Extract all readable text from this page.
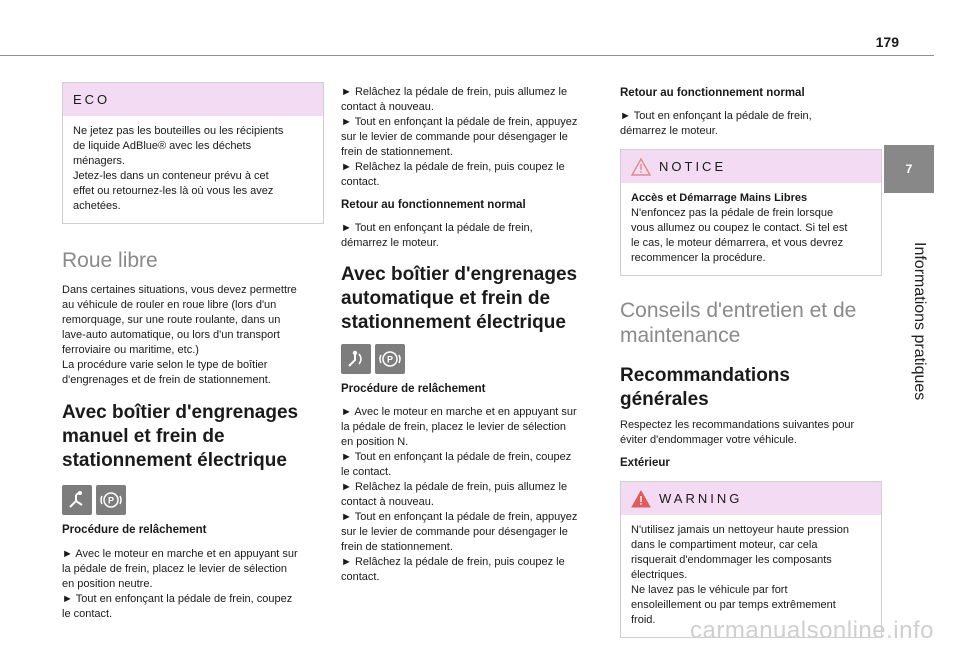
179
7
Informations pratiques
ECO
Ne jetez pas les bouteilles ou les récipients
de liquide AdBlue® avec les déchets
ménagers.
Jetez-les dans un conteneur prévu à cet
effet ou retournez-les là où vous les avez
achetées.
Roue libre
Dans certaines situations, vous devez permettre
au véhicule de rouler en roue libre (lors d'un
remorquage, sur une route roulante, dans un
lave-auto automatique, ou lors d'un transport
ferroviaire ou maritime, etc.)
La procédure varie selon le type de boîtier
d'engrenages et de frein de stationnement.
Avec boîtier d'engrenages
manuel et frein de
stationnement électrique
P
Procédure de relâchement
► Avec le moteur en marche et en appuyant sur
la pédale de frein, placez le levier de sélection
en position neutre.
► Tout en enfonçant la pédale de frein, coupez
le contact.
► Relâchez la pédale de frein, puis allumez le
contact à nouveau.
► Tout en enfonçant la pédale de frein, appuyez
sur le levier de commande pour désengager le
frein de stationnement.
► Relâchez la pédale de frein, puis coupez le
contact.
Retour au fonctionnement normal
► Tout en enfonçant la pédale de frein,
démarrez le moteur.
Avec boîtier d'engrenages
automatique et frein de
stationnement électrique
P
Procédure de relâchement
► Avec le moteur en marche et en appuyant sur
la pédale de frein, placez le levier de sélection
en position N.
► Tout en enfonçant la pédale de frein, coupez
le contact.
► Relâchez la pédale de frein, puis allumez le
contact à nouveau.
► Tout en enfonçant la pédale de frein, appuyez
sur le levier de commande pour désengager le
frein de stationnement.
► Relâchez la pédale de frein, puis coupez le
contact.
Retour au fonctionnement normal
► Tout en enfonçant la pédale de frein,
démarrez le moteur.
NOTICE
Accès et Démarrage Mains Libres
N'enfoncez pas la pédale de frein lorsque
vous allumez ou coupez le contact. Si tel est
le cas, le moteur démarrera, et vous devrez
recommencer la procédure.
Conseils d'entretien et de
maintenance
Recommandations
générales
Respectez les recommandations suivantes pour
éviter d'endommager votre véhicule.
Extérieur
WARNING
N'utilisez jamais un nettoyeur haute pression
dans le compartiment moteur, car cela
risquerait d'endommager les composants
électriques.
Ne lavez pas le véhicule par fort
ensoleillement ou par temps extrêmement
froid.	carmanualsonline.info
